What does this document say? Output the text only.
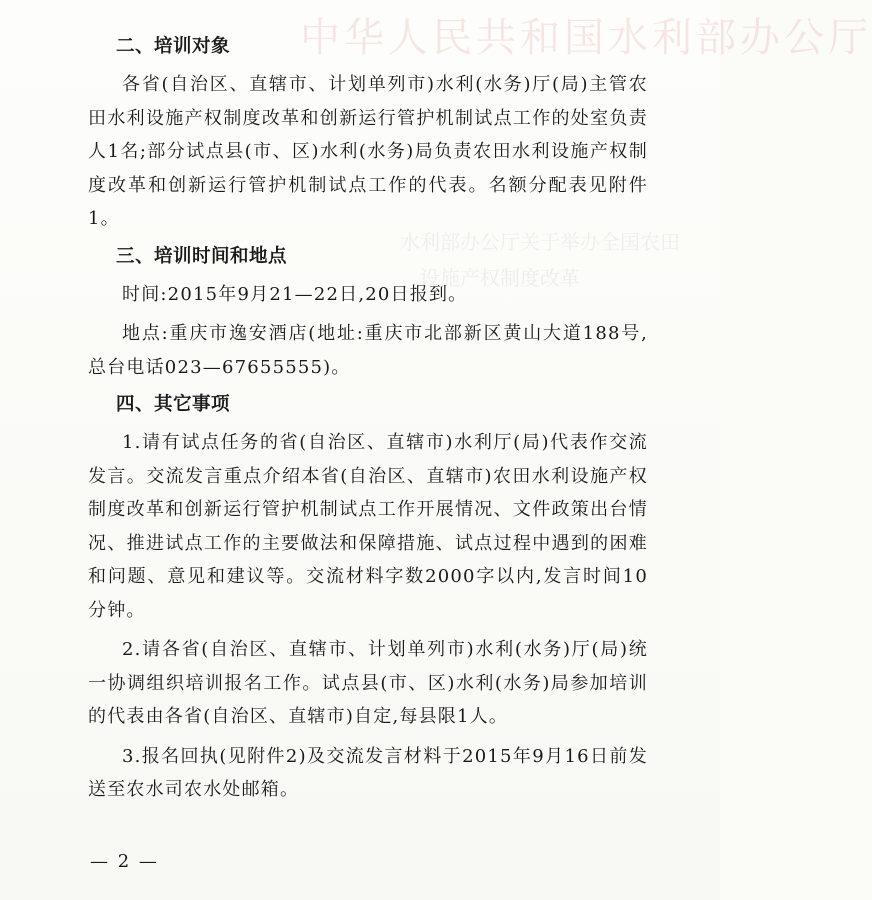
中华人民共和国水利部办公厅
水利部办公厅关于举办全国农田
设施产权制度改革
二、培训对象

各省(自治区、直辖市、计划单列市)水利(水务)厅(局)主管农田水利设施产权制度改革和创新运行管护机制试点工作的处室负责人1名;部分试点县(市、区)水利(水务)局负责农田水利设施产权制度改革和创新运行管护机制试点工作的代表。名额分配表见附件1。

三、培训时间和地点

时间:2015年9月21—22日,20日报到。

地点:重庆市逸安酒店(地址:重庆市北部新区黄山大道188号,总台电话023—67655555)。

四、其它事项

1.请有试点任务的省(自治区、直辖市)水利厅(局)代表作交流发言。交流发言重点介绍本省(自治区、直辖市)农田水利设施产权制度改革和创新运行管护机制试点工作开展情况、文件政策出台情况、推进试点工作的主要做法和保障措施、试点过程中遇到的困难和问题、意见和建议等。交流材料字数2000字以内,发言时间10分钟。

2.请各省(自治区、直辖市、计划单列市)水利(水务)厅(局)统一协调组织培训报名工作。试点县(市、区)水利(水务)局参加培训的代表由各省(自治区、直辖市)自定,每县限1人。

3.报名回执(见附件2)及交流发言材料于2015年9月16日前发送至农水司农水处邮箱。

— 2 —
